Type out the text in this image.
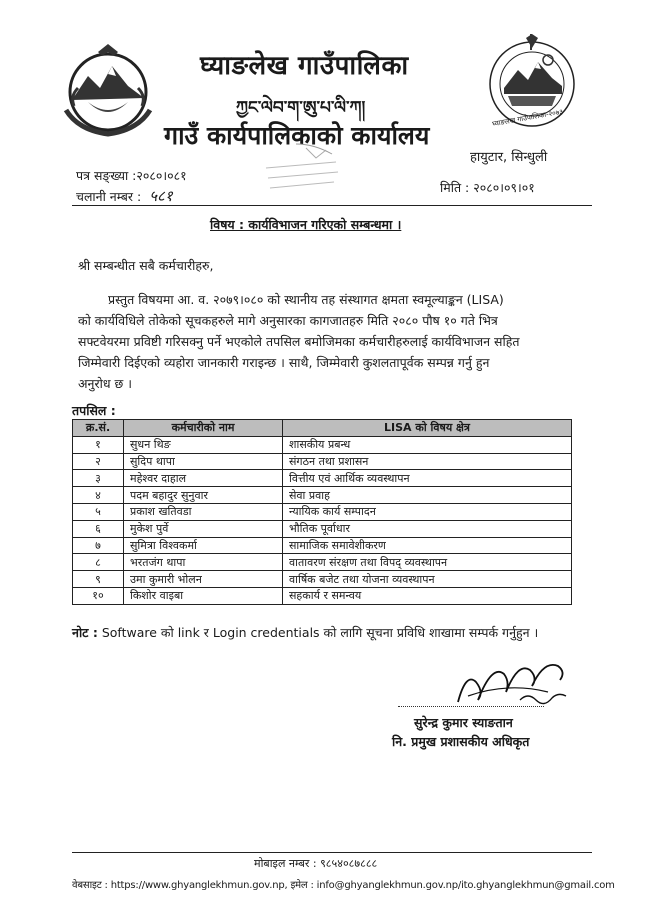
घ्याङलेख गाउँपालिका-२०७३
घ्याङलेख गाउँपालिका
ཀྱང་ལེབ་ག་ཨུ་པ་ལི་ཀ།
गाउँ कार्यपालिकाको कार्यालय
हायुटार, सिन्धुली
पत्र सङ्ख्या :२०८०।०८१
चलानी नम्बर : ५८१	मिति : २०८०।०९।०१
विषय : कार्यविभाजन गरिएको सम्बन्धमा ।
श्री सम्बन्धीत सबै कर्मचारीहरु,
प्रस्तुत विषयमा आ. व. २०७९।०८० को स्थानीय तह संस्थागत क्षमता स्वमूल्याङ्कन (LISA)
को कार्यविधिले तोकेको सूचकहरुले मागे अनुसारका कागजातहरु मिति २०८० पौष १० गते भित्र
सफ्टवेयरमा प्रविष्टी गरिसक्नु पर्ने भएकोले तपसिल बमोजिमका कर्मचारीहरुलाई कार्यविभाजन सहित
जिम्मेवारी दिईएको व्यहोरा जानकारी गराइन्छ । साथै, जिम्मेवारी कुशलतापूर्वक सम्पन्न गर्नु हुन
अनुरोध छ ।
तपसिल :
क्र.सं.	कर्मचारीको नाम	LISA को विषय क्षेत्र
१	सुधन थिङ	शासकीय प्रबन्ध
२	सुदिप थापा	संगठन तथा प्रशासन
३	महेश्वर दाहाल	वित्तीय एवं आर्थिक व्यवस्थापन
४	पदम बहादुर सुनुवार	सेवा प्रवाह
५	प्रकाश खतिवडा	न्यायिक कार्य सम्पादन
६	मुकेश पुर्वे	भौतिक पूर्वाधार
७	सुमित्रा विश्वकर्मा	सामाजिक समावेशीकरण
८	भरतजंग थापा	वातावरण संरक्षण तथा विपद् व्यवस्थापन
९	उमा कुमारी भोलन	वार्षिक बजेट तथा योजना व्यवस्थापन
१०	किशोर वाइबा	सहकार्य र समन्वय
नोट : Software को link र Login credentials को लागि सूचना प्रविधि शाखामा सम्पर्क गर्नुहुन ।
सुरेन्द्र कुमार स्याङतान
नि. प्रमुख प्रशासकीय अधिकृत
मोबाइल नम्बर : ९८५४०८७८८८
वेबसाइट : https://www.ghyanglekhmun.gov.np, इमेल : info@ghyanglekhmun.gov.np/ito.ghyanglekhmun@gmail.com
